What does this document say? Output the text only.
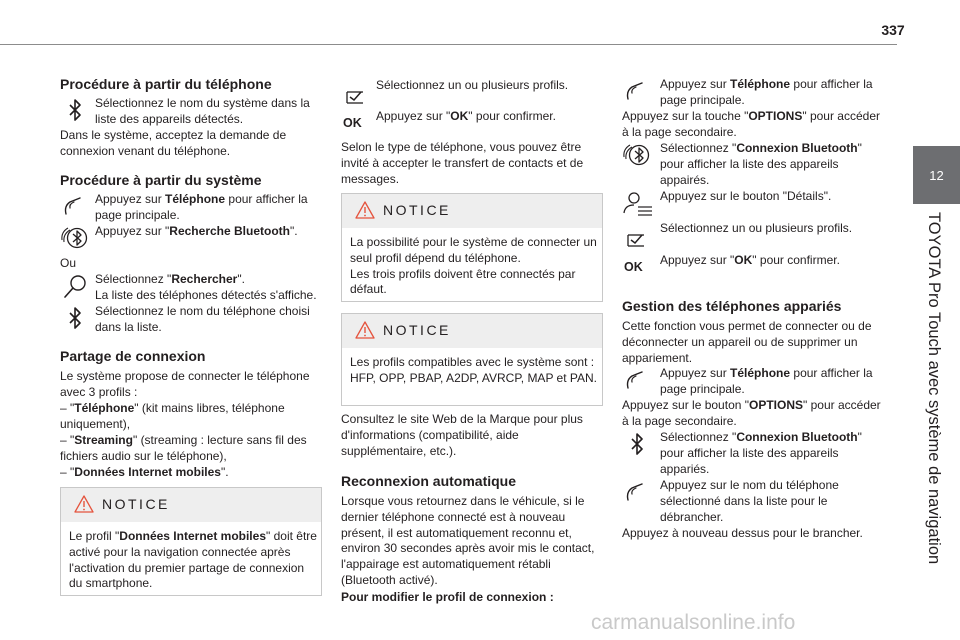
337
12
TOYOTA Pro Touch avec système de navigation
Procédure à partir du téléphone
Sélectionnez le nom du système dans la liste des appareils détectés.

Dans le système, acceptez la demande de connexion venant du téléphone.

Procédure à partir du système
Appuyez sur Téléphone pour afficher la page principale.
Appuyez sur "Recherche Bluetooth".

Ou

Sélectionnez "Rechercher".
La liste des téléphones détectés s'affiche.
Sélectionnez le nom du téléphone choisi dans la liste.
Partage de connexion

Le système propose de connecter le téléphone avec 3 profils :

– "Téléphone" (kit mains libres, téléphone uniquement),

– "Streaming" (streaming : lecture sans fil des fichiers audio sur le téléphone),

– "Données Internet mobiles".

NOTICE
Le profil "Données Internet mobiles" doit être activé pour la navigation connectée après l'activation du premier partage de connexion du smartphone.
Sélectionnez un ou plusieurs profils.
OK	Appuyez sur "OK" pour confirmer.

Selon le type de téléphone, vous pouvez être invité à accepter le transfert de contacts et de messages.

NOTICE
La possibilité pour le système de connecter un seul profil dépend du téléphone.
Les trois profils doivent être connectés par défaut.
NOTICE
Les profils compatibles avec le système sont : HFP, OPP, PBAP, A2DP, AVRCP, MAP et PAN.

Consultez le site Web de la Marque pour plus d'informations (compatibilité, aide supplémentaire, etc.).

Reconnexion automatique

Lorsque vous retournez dans le véhicule, si le dernier téléphone connecté est à nouveau présent, il est automatiquement reconnu et, environ 30 secondes après avoir mis le contact, l'appairage est automatiquement rétabli (Bluetooth activé).

Pour modifier le profil de connexion :

Appuyez sur Téléphone pour afficher la page principale.

Appuyez sur la touche "OPTIONS" pour accéder à la page secondaire.

Sélectionnez "Connexion Bluetooth" pour afficher la liste des appareils appairés.
Appuyez sur le bouton "Détails".
Sélectionnez un ou plusieurs profils.
OK	Appuyez sur "OK" pour confirmer.
Gestion des téléphones appariés

Cette fonction vous permet de connecter ou de déconnecter un appareil ou de supprimer un appariement.

Appuyez sur Téléphone pour afficher la page principale.

Appuyez sur le bouton "OPTIONS" pour accéder à la page secondaire.

Sélectionnez "Connexion Bluetooth" pour afficher la liste des appareils appariés.
Appuyez sur le nom du téléphone sélectionné dans la liste pour le débrancher.

Appuyez à nouveau dessus pour le brancher.

carmanualsonline.info
